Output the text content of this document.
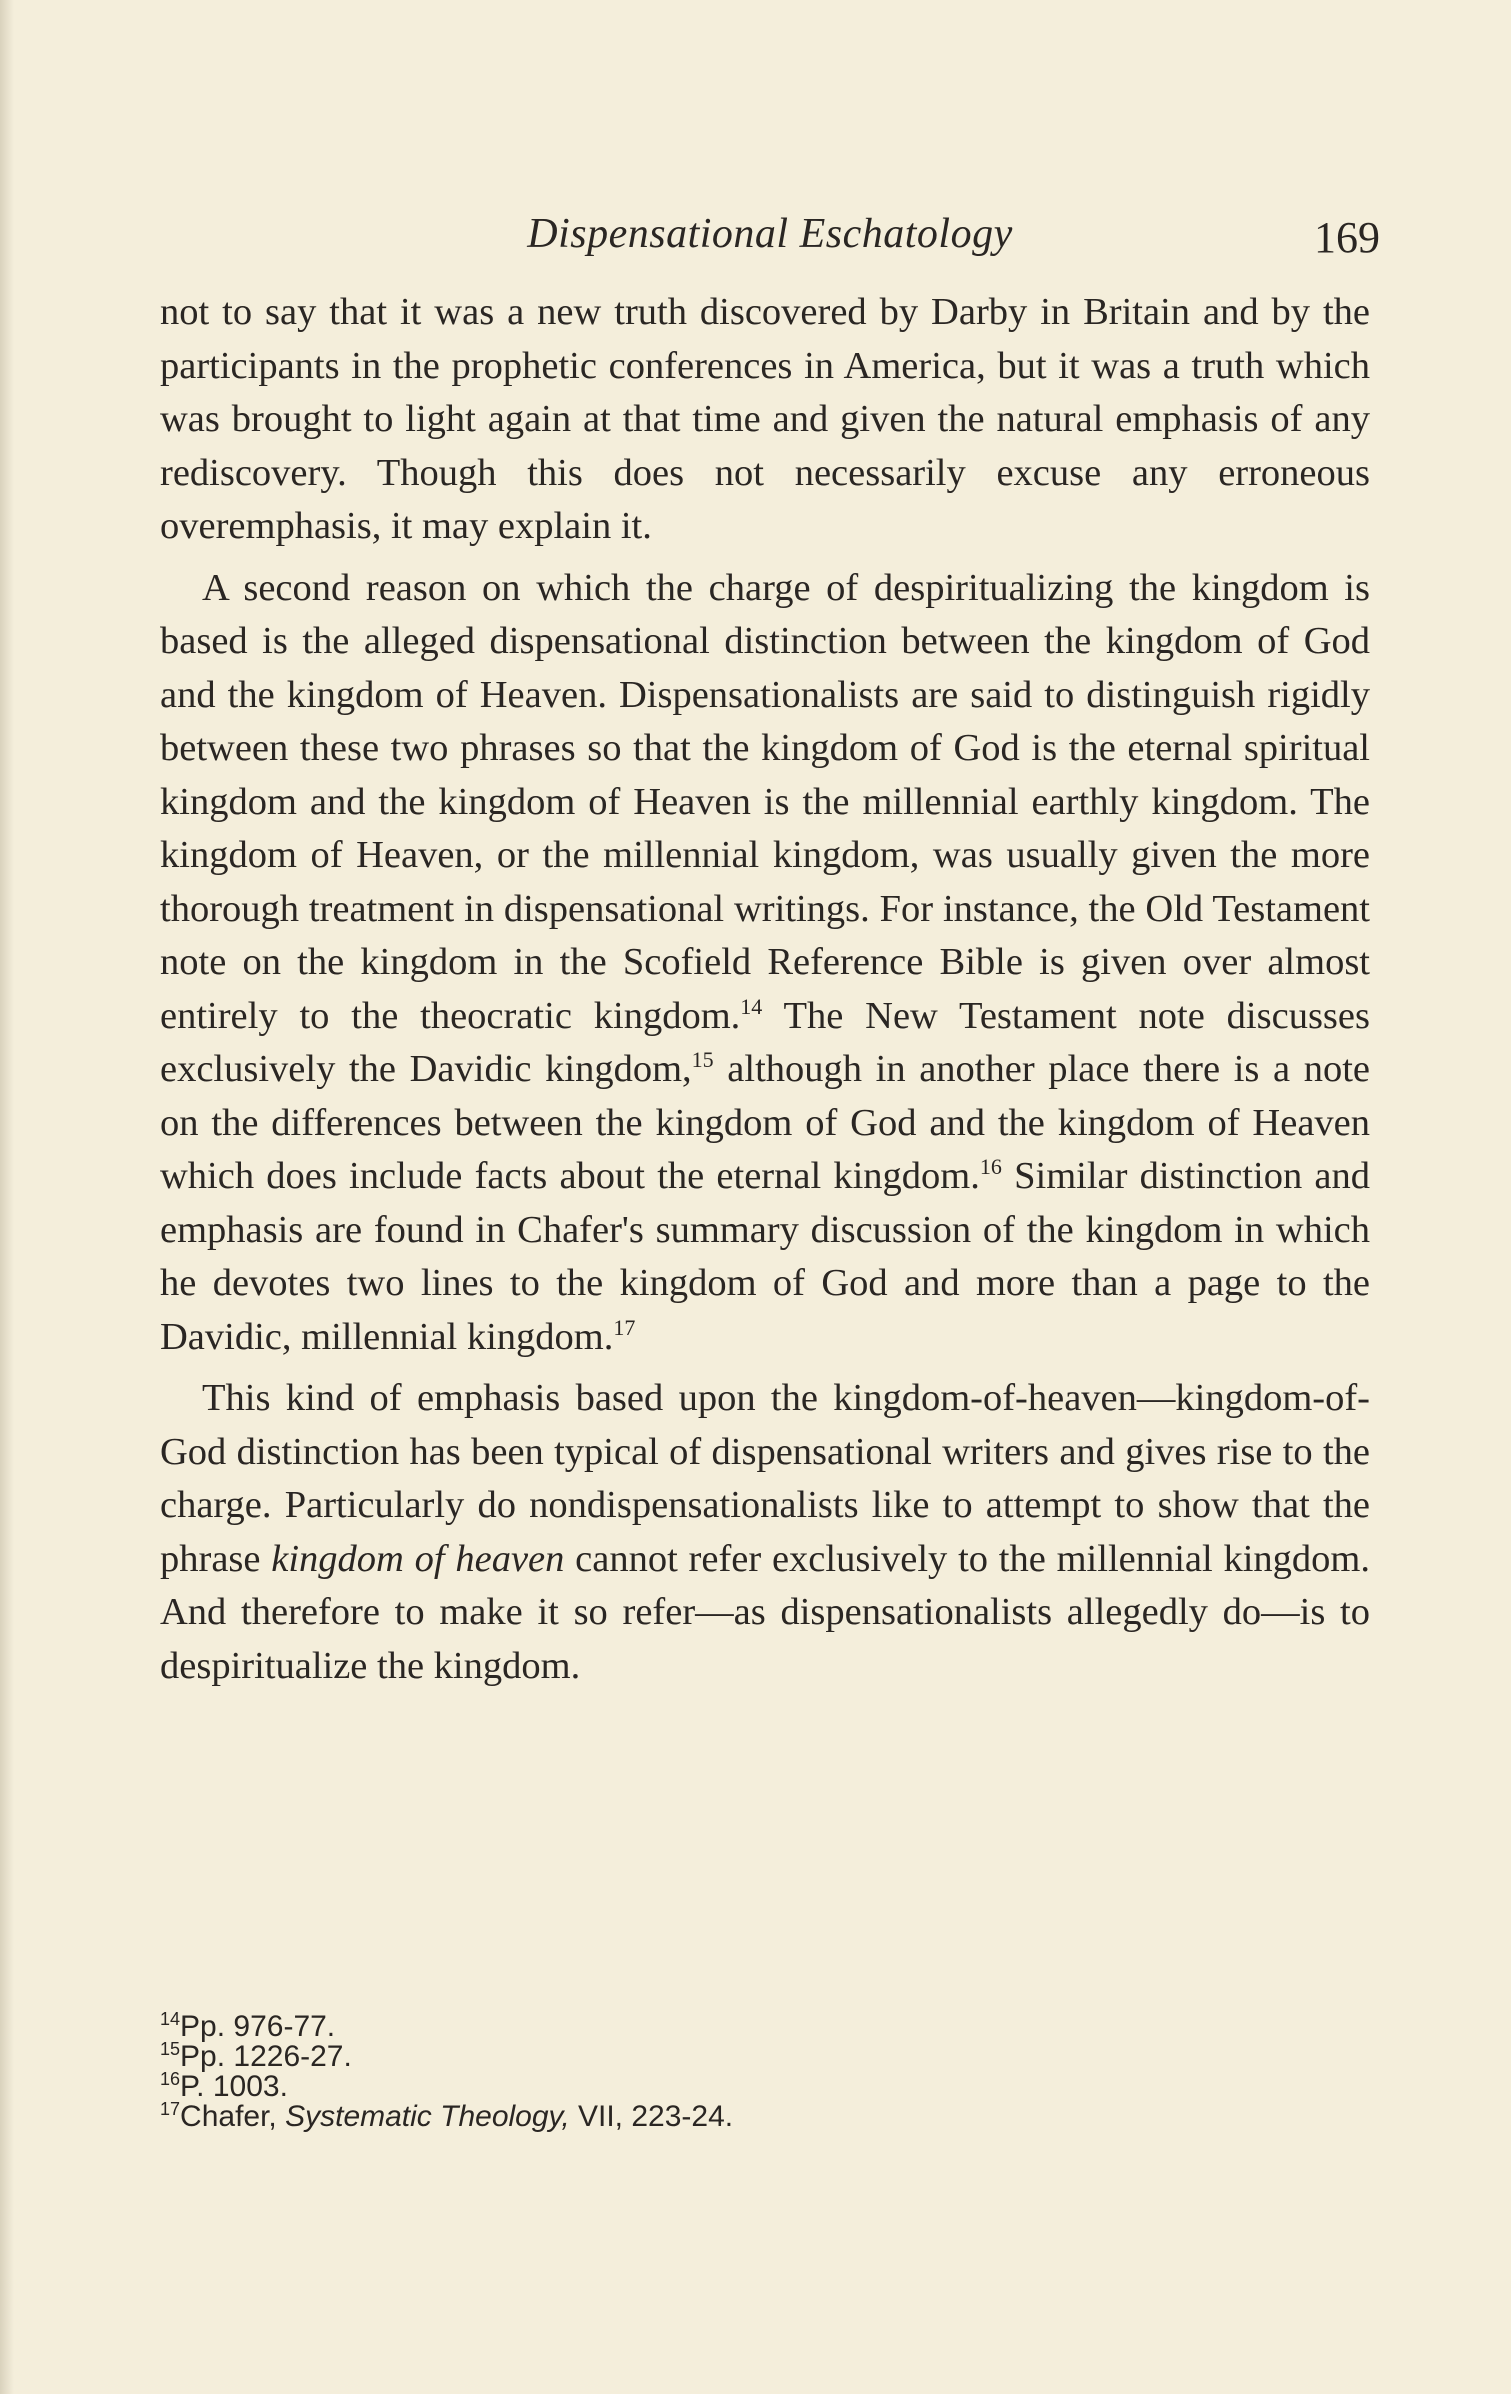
Dispensational Eschatology	169

not to say that it was a new truth discovered by Darby in Britain and by the participants in the prophetic conferences in America, but it was a truth which was brought to light again at that time and given the natural emphasis of any rediscovery. Though this does not necessarily excuse any erroneous overemphasis, it may explain it.

A second reason on which the charge of despiritualizing the kingdom is based is the alleged dispensational distinction between the kingdom of God and the kingdom of Heaven. Dispensationalists are said to distinguish rigidly between these two phrases so that the kingdom of God is the eternal spiritual kingdom and the kingdom of Heaven is the millennial earthly kingdom. The kingdom of Heaven, or the millennial kingdom, was usually given the more thorough treatment in dispensational writings. For instance, the Old Testament note on the kingdom in the Scofield Reference Bible is given over almost entirely to the theocratic kingdom.$^{14}$ The New Testament note discusses exclusively the Davidic kingdom,$^{15}$ although in another place there is a note on the differences between the kingdom of God and the kingdom of Heaven which does include facts about the eternal kingdom.$^{16}$ Similar distinction and emphasis are found in Chafer's summary discussion of the kingdom in which he devotes two lines to the kingdom of God and more than a page to the Davidic, millennial kingdom.$^{17}$

This kind of emphasis based upon the kingdom-of-heaven—kingdom-of-God distinction has been typical of dispensational writers and gives rise to the charge. Particularly do nondispensationalists like to attempt to show that the phrase kingdom of heaven cannot refer exclusively to the millennial kingdom. And therefore to make it so refer—as dispensationalists allegedly do—is to despiritualize the kingdom.

$^{14}$Pp. 976-77.

$^{15}$Pp. 1226-27.

$^{16}$P. 1003.

$^{17}$Chafer, Systematic Theology, VII, 223-24.
